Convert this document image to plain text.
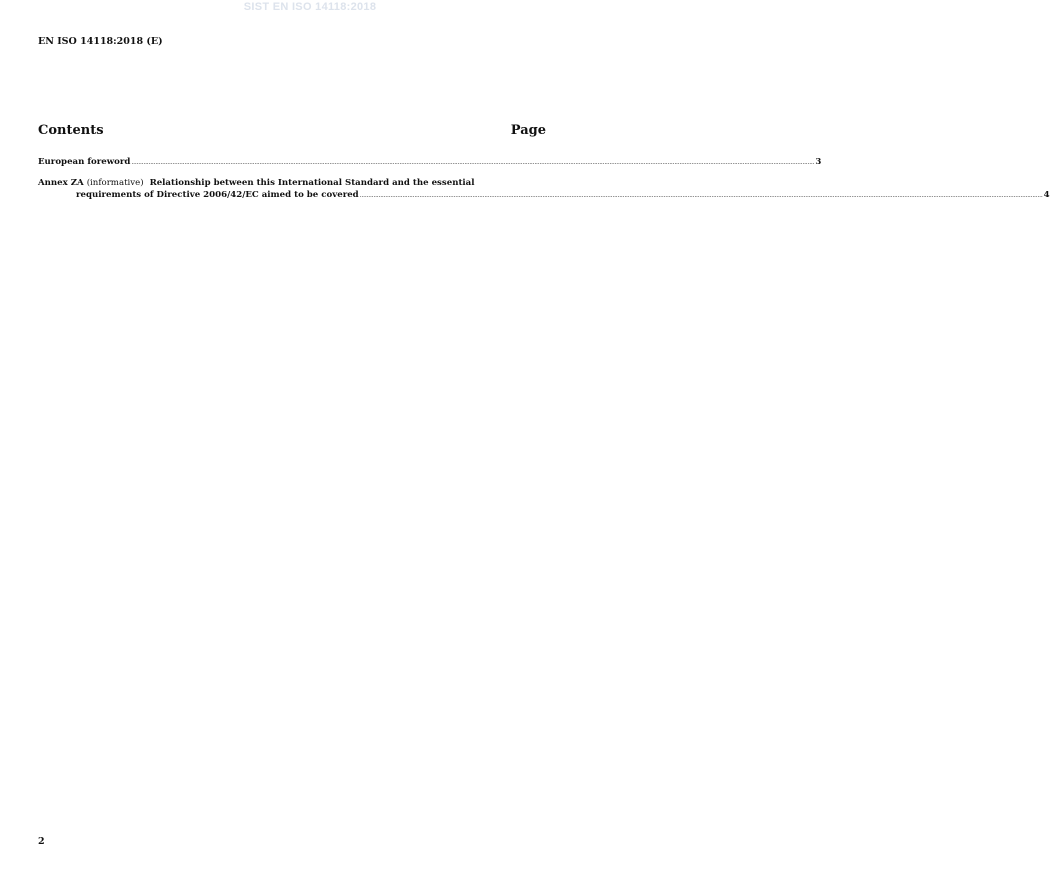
SIST EN ISO 14118:2018
EN ISO 14118:2018 (E)
Contents	Page
European foreword ................................................................................................................................................................................................................................................................................................................................................................................................................ 3
Annex ZA (informative) Relationship between this International Standard and the essential
requirements of Directive 2006/42/EC aimed to be covered ................................................................................................................................................................................................................................................................................................................................................................................................................ 4
2
